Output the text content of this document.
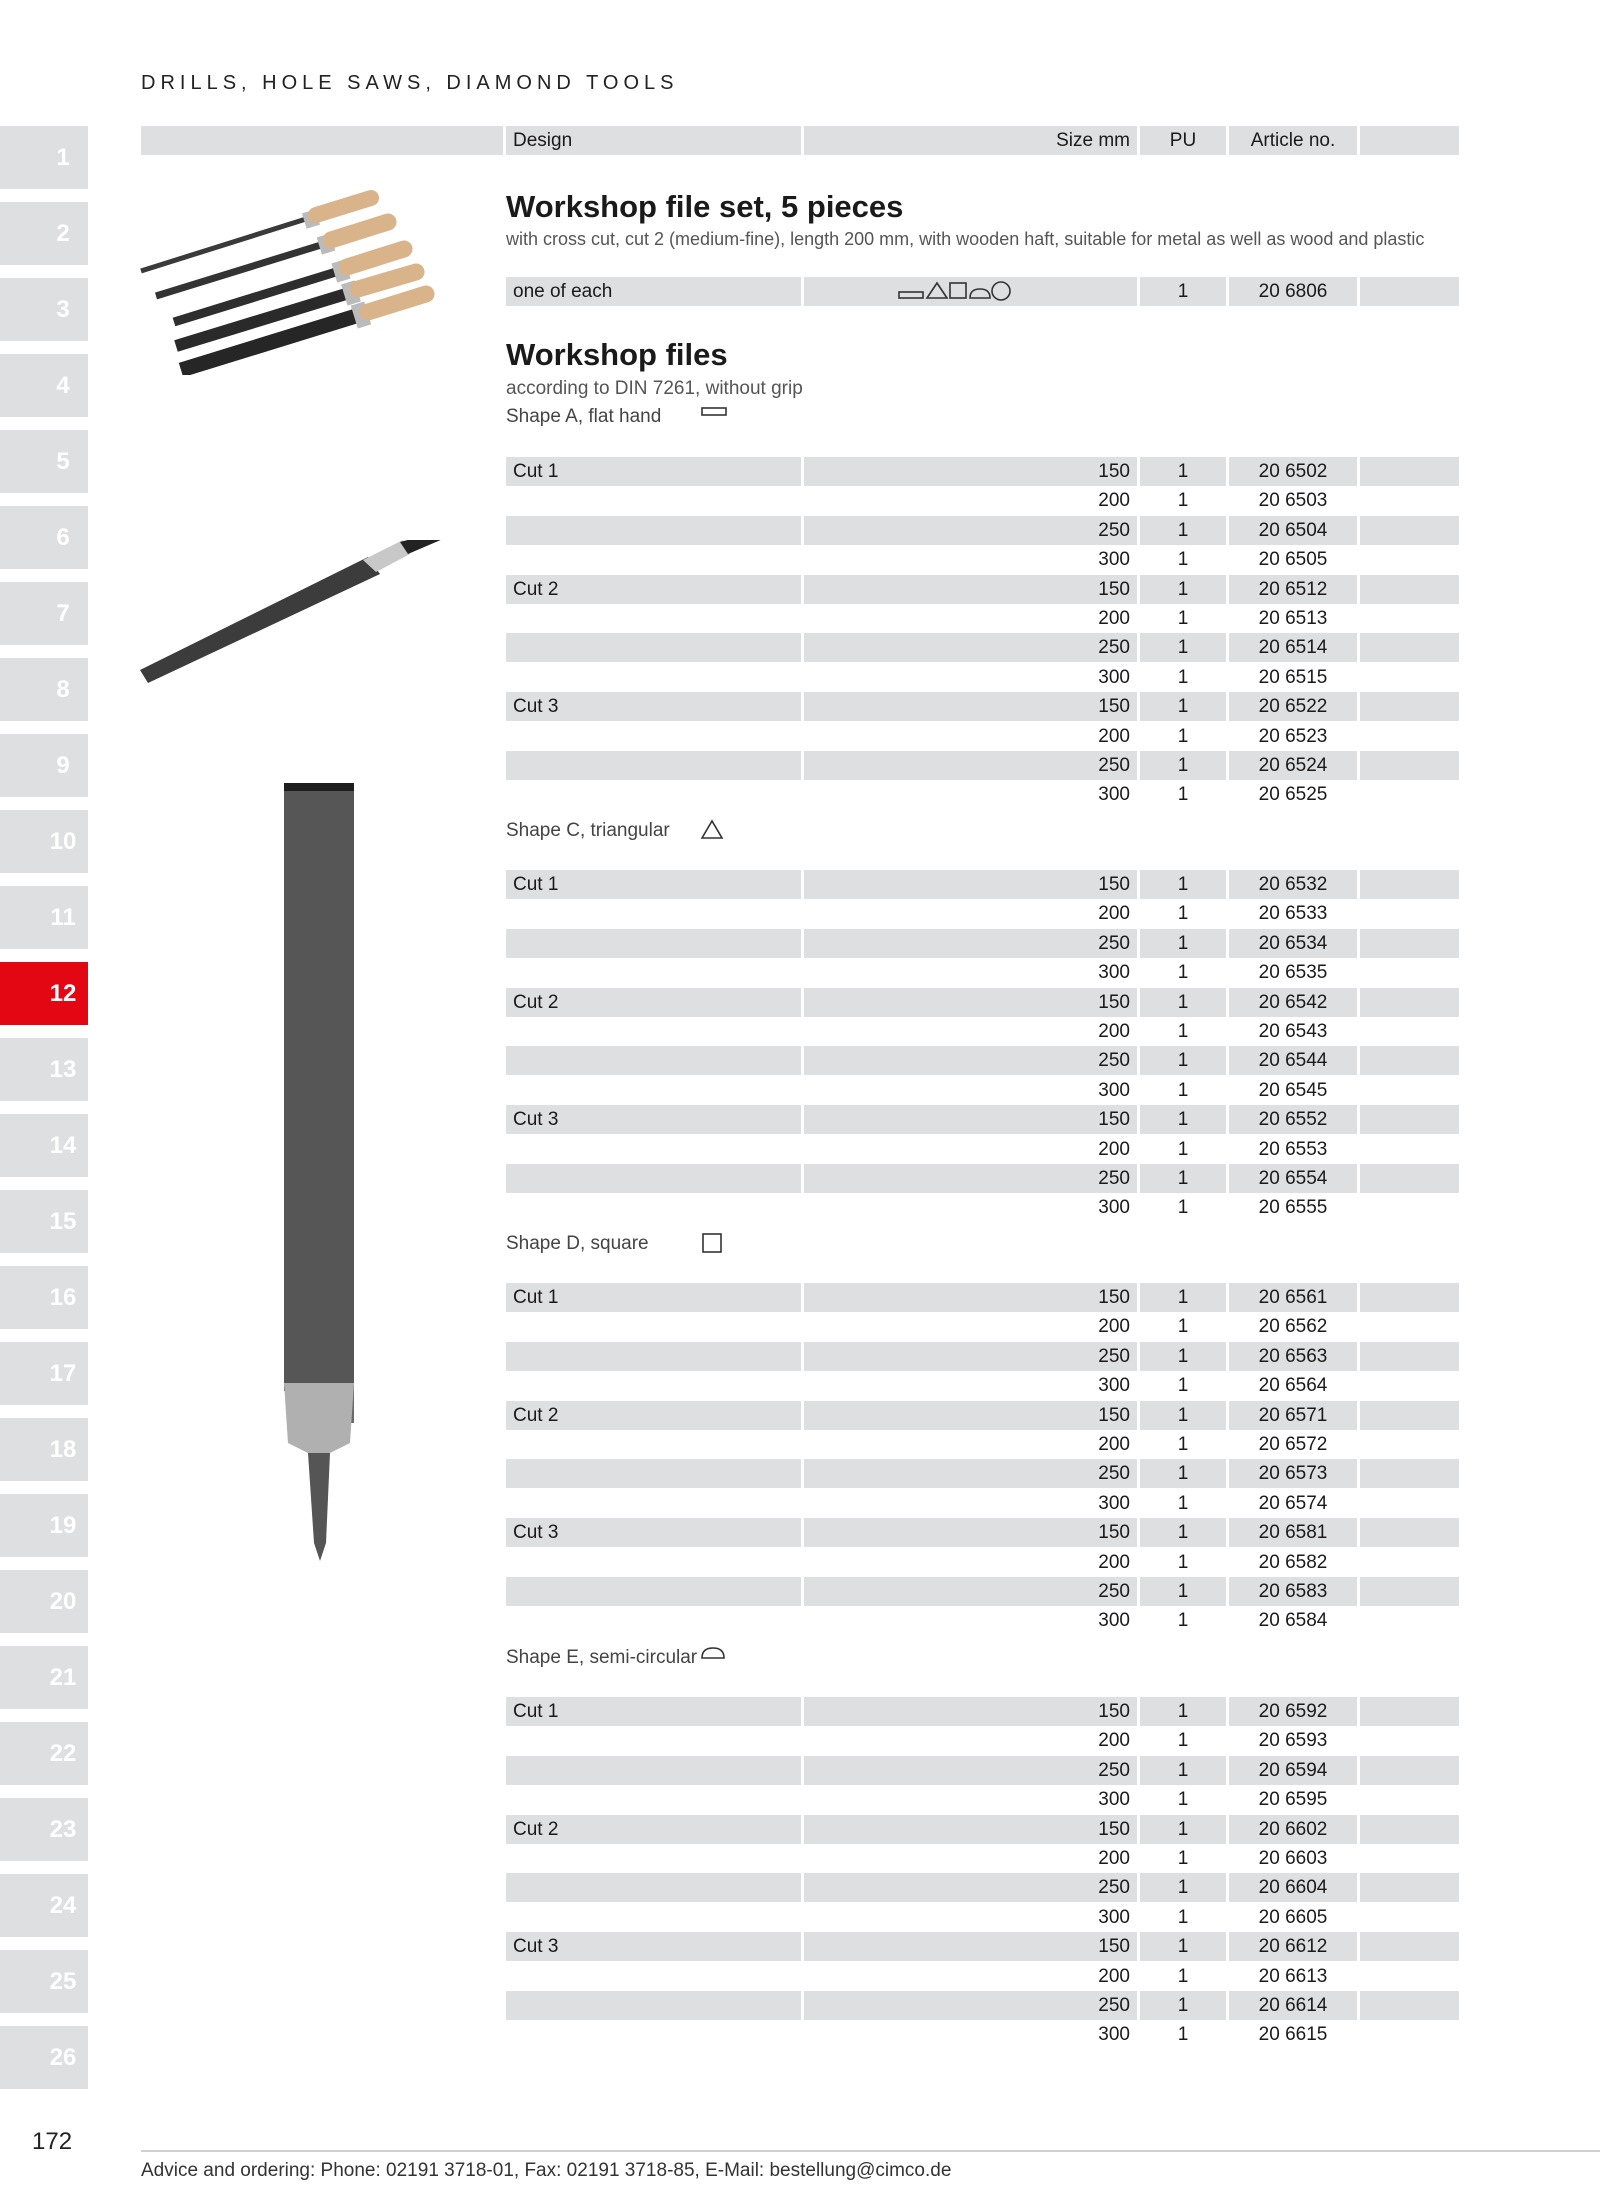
DRILLS, HOLE SAWS, DIAMOND TOOLS
1
2
3
4
5
6
7
8
9
10
11
12
13
14
15
16
17
18
19
20
21
22
23
24
25
26
Design	Size mm	PU	Article no.
Workshop file set, 5 pieces
with cross cut, cut 2 (medium-fine), length 200 mm, with wooden haft, suitable for metal as well as wood and plastic
one of each	1	20 6806
Workshop files
according to DIN 7261, without grip
Shape A, flat hand
Cut 1	150	1	20 6502
200	1	20 6503
250	1	20 6504
300	1	20 6505
Cut 2	150	1	20 6512
200	1	20 6513
250	1	20 6514
300	1	20 6515
Cut 3	150	1	20 6522
200	1	20 6523
250	1	20 6524
300	1	20 6525
Shape C, triangular
Cut 1	150	1	20 6532
200	1	20 6533
250	1	20 6534
300	1	20 6535
Cut 2	150	1	20 6542
200	1	20 6543
250	1	20 6544
300	1	20 6545
Cut 3	150	1	20 6552
200	1	20 6553
250	1	20 6554
300	1	20 6555
Shape D, square
Cut 1	150	1	20 6561
200	1	20 6562
250	1	20 6563
300	1	20 6564
Cut 2	150	1	20 6571
200	1	20 6572
250	1	20 6573
300	1	20 6574
Cut 3	150	1	20 6581
200	1	20 6582
250	1	20 6583
300	1	20 6584
Shape E, semi-circular
Cut 1	150	1	20 6592
200	1	20 6593
250	1	20 6594
300	1	20 6595
Cut 2	150	1	20 6602
200	1	20 6603
250	1	20 6604
300	1	20 6605
Cut 3	150	1	20 6612
200	1	20 6613
250	1	20 6614
300	1	20 6615
172
Advice and ordering: Phone: 02191 3718-01, Fax: 02191 3718-85, E-Mail: bestellung@cimco.de
